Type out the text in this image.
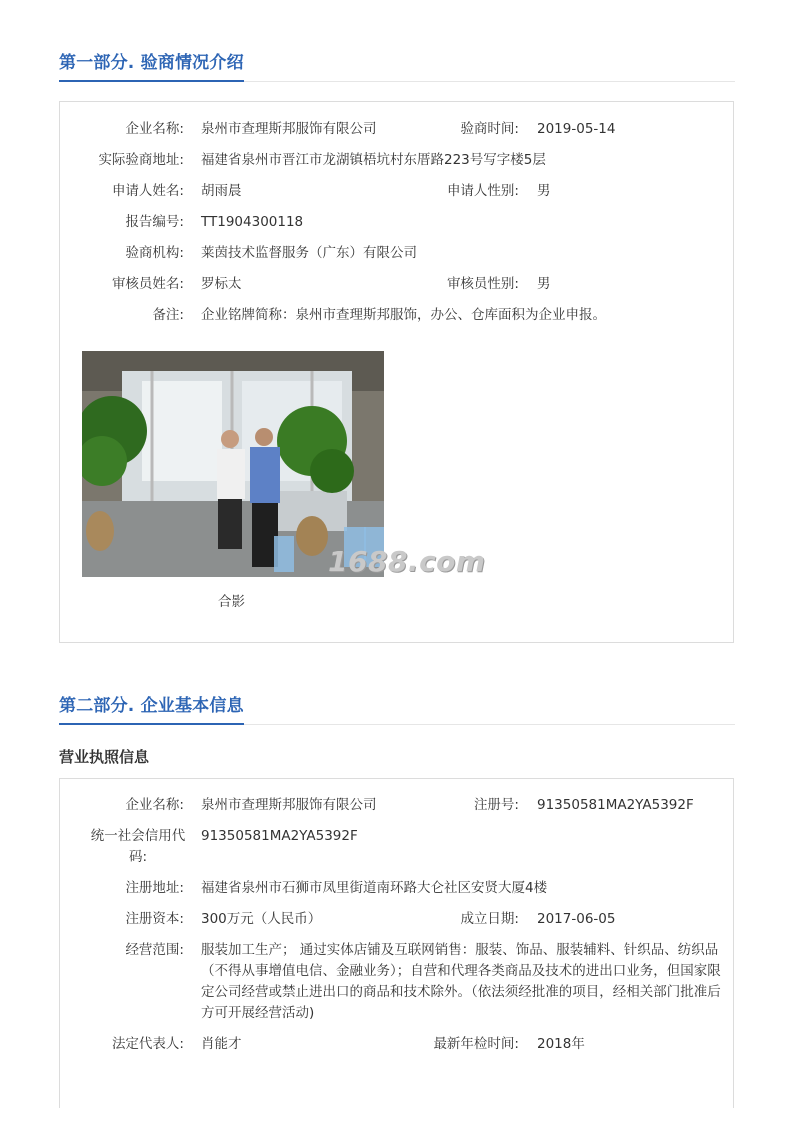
第一部分. 验商情况介绍
企业名称: 泉州市查理斯邦服饰有限公司	验商时间: 2019-05-14
实际验商地址: 福建省泉州市晋江市龙湖镇梧坑村东厝路223号写字楼5层
申请人姓名: 胡雨晨	申请人性别: 男
报告编号: TT1904300118
验商机构: 莱茵技术监督服务（广东）有限公司
审核员姓名: 罗标太	审核员性别: 男
备注: 企业铭牌简称：泉州市查理斯邦服饰，办公、仓库面积为企业申报。
合影
1688.com
第二部分. 企业基本信息
营业执照信息
企业名称: 泉州市查理斯邦服饰有限公司	注册号: 91350581MA2YA5392F
统一社会信用代码:
91350581MA2YA5392F
注册地址: 福建省泉州市石狮市凤里街道南环路大仑社区安贤大厦4楼
注册资本: 300万元（人民币）	成立日期: 2017-06-05
经营范围: 服装加工生产； 通过实体店铺及互联网销售：服装、饰品、服装辅料、针织品、纺织品（不得从事增值电信、金融业务）；自营和代理各类商品及技术的进出口业务，但国家限定公司经营或禁止进出口的商品和技术除外。（依法须经批准的项目，经相关部门批准后方可开展经营活动)
法定代表人: 肖能才	最新年检时间: 2018年
